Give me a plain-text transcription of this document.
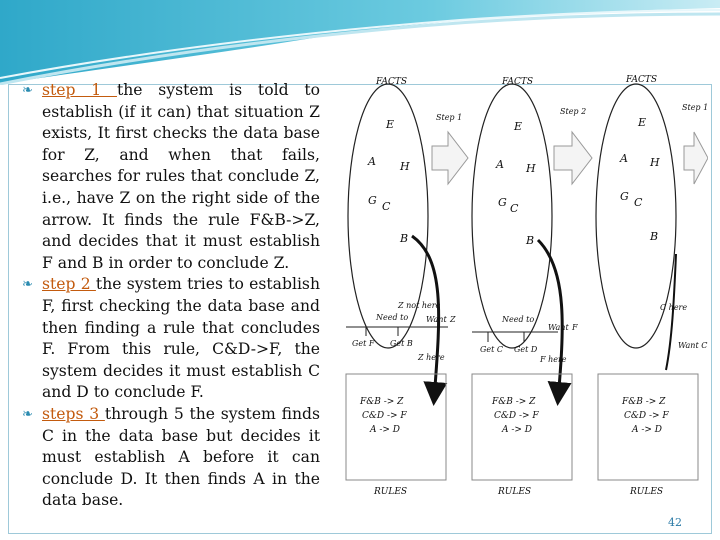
❧ step 1 the system is told to establish (if it can) that situation Z exists, It first checks the data base for Z, and when that fails, searches for rules that conclude Z, i.e., have Z on the right side of the arrow. It finds the rule F&B->Z, and decides that it must establish F and B in order to conclude Z.

❧ step 2 the system tries to establish F, first checking the data base and then finding a rule that concludes F. From this rule, C&D->F, the system decides it must establish C and D to conclude F.

❧ steps 3 through 5 the system finds C in the data base but decides it must establish A before it can conclude D. It then finds A in the data base.

FACTS
E
A H
G C
B
Step 1
Z not here
Need to Want Z
Get F Get B
Z here
F&B -> Z
C&D -> F
A -> D
RULES
FACTS
E
A H
G C
B
Step 2
Need to
Want F
Get C Get D
F here
F&B -> Z
C&D -> F
A -> D
RULES
FACTS
E
A H
G C
B
Step 1
C here
Want C
F&B -> Z
C&D -> F
A -> D
RULES
42
